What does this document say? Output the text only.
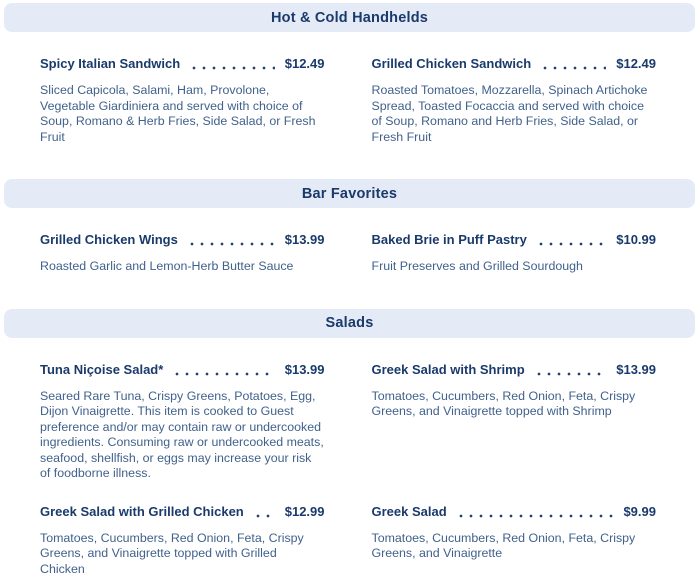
Hot & Cold Handhelds
Spicy Italian Sandwich	$12.49
Sliced Capicola, Salami, Ham, Provolone, Vegetable Giardiniera and served with choice of Soup, Romano & Herb Fries, Side Salad, or Fresh Fruit
Grilled Chicken Sandwich	$12.49
Roasted Tomatoes, Mozzarella, Spinach Artichoke Spread, Toasted Focaccia and served with choice of Soup, Romano and Herb Fries, Side Salad, or Fresh Fruit
Bar Favorites
Grilled Chicken Wings	$13.99
Roasted Garlic and Lemon-Herb Butter Sauce
Baked Brie in Puff Pastry	$10.99
Fruit Preserves and Grilled Sourdough
Salads
Tuna Niçoise Salad*	$13.99
Seared Rare Tuna, Crispy Greens, Potatoes, Egg, Dijon Vinaigrette. This item is cooked to Guest preference and/or may contain raw or undercooked ingredients. Consuming raw or undercooked meats, seafood, shellfish, or eggs may increase your risk of foodborne illness.
Greek Salad with Shrimp	$13.99
Tomatoes, Cucumbers, Red Onion, Feta, Crispy Greens, and Vinaigrette topped with Shrimp
Greek Salad with Grilled Chicken	$12.99
Tomatoes, Cucumbers, Red Onion, Feta, Crispy Greens, and Vinaigrette topped with Grilled Chicken
Greek Salad	$9.99
Tomatoes, Cucumbers, Red Onion, Feta, Crispy Greens, and Vinaigrette
